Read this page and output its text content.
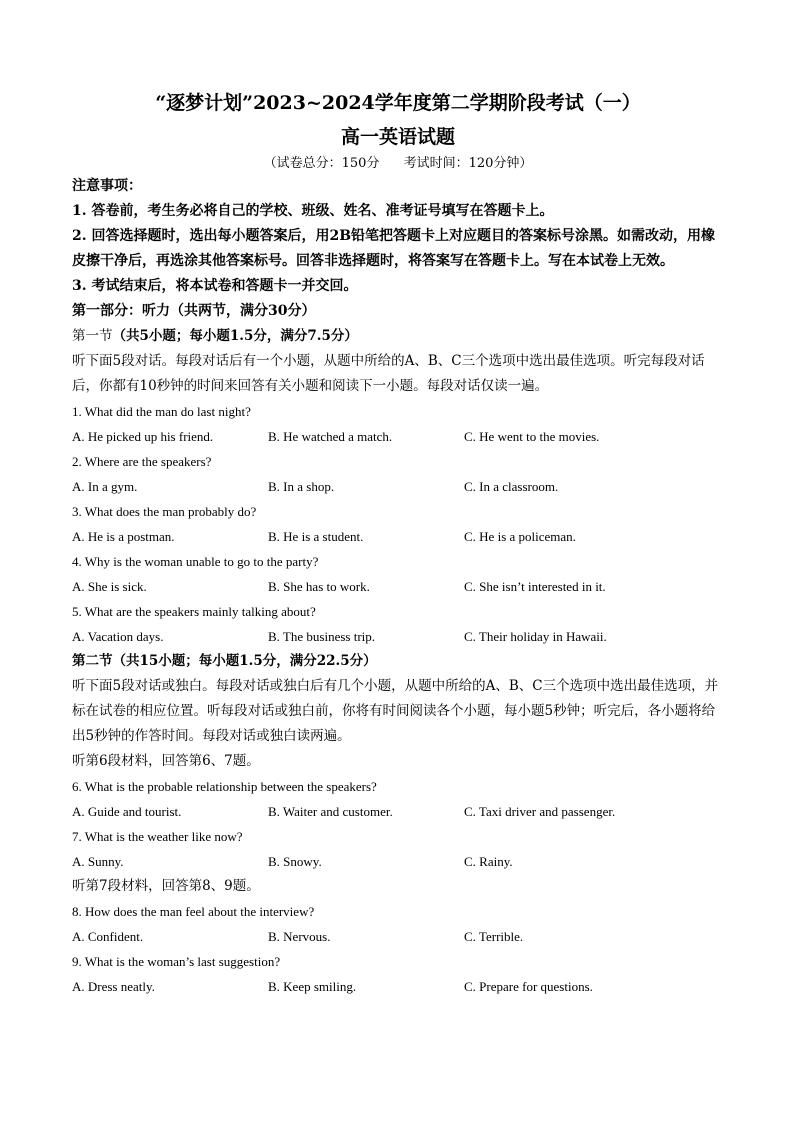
“逐梦计划”2023~2024学年度第二学期阶段考试（一）
高一英语试题
（试卷总分：150分 考试时间：120分钟）
注意事项：
1. 答卷前，考生务必将自己的学校、班级、姓名、准考证号填写在答题卡上。
2. 回答选择题时，选出每小题答案后，用2B铅笔把答题卡上对应题目的答案标号涂黑。如需改动，用橡皮擦干净后，再选涂其他答案标号。回答非选择题时，将答案写在答题卡上。写在本试卷上无效。
3. 考试结束后，将本试卷和答题卡一并交回。
第一部分：听力（共两节，满分30分）
第一节（共5小题；每小题1.5分，满分7.5分）
听下面5段对话。每段对话后有一个小题，从题中所给的A、B、C三个选项中选出最佳选项。听完每段对话后，你都有10秒钟的时间来回答有关小题和阅读下一小题。每段对话仅读一遍。
1. What did the man do last night?
A. He picked up his friend.	B. He watched a match.	C. He went to the movies.
2. Where are the speakers?
A. In a gym.	B. In a shop.	C. In a classroom.
3. What does the man probably do?
A. He is a postman.	B. He is a student.	C. He is a policeman.
4. Why is the woman unable to go to the party?
A. She is sick.	B. She has to work.	C. She isn’t interested in it.
5. What are the speakers mainly talking about?
A. Vacation days.	B. The business trip.	C. Their holiday in Hawaii.
第二节（共15小题；每小题1.5分，满分22.5分）
听下面5段对话或独白。每段对话或独白后有几个小题，从题中所给的A、B、C三个选项中选出最佳选项，并标在试卷的相应位置。听每段对话或独白前，你将有时间阅读各个小题，每小题5秒钟；听完后，各小题将给出5秒钟的作答时间。每段对话或独白读两遍。
听第6段材料，回答第6、7题。
6. What is the probable relationship between the speakers?
A. Guide and tourist.	B. Waiter and customer.	C. Taxi driver and passenger.
7. What is the weather like now?
A. Sunny.	B. Snowy.	C. Rainy.
听第7段材料，回答第8、9题。
8. How does the man feel about the interview?
A. Confident.	B. Nervous.	C. Terrible.
9. What is the woman’s last suggestion?
A. Dress neatly.	B. Keep smiling.	C. Prepare for questions.
